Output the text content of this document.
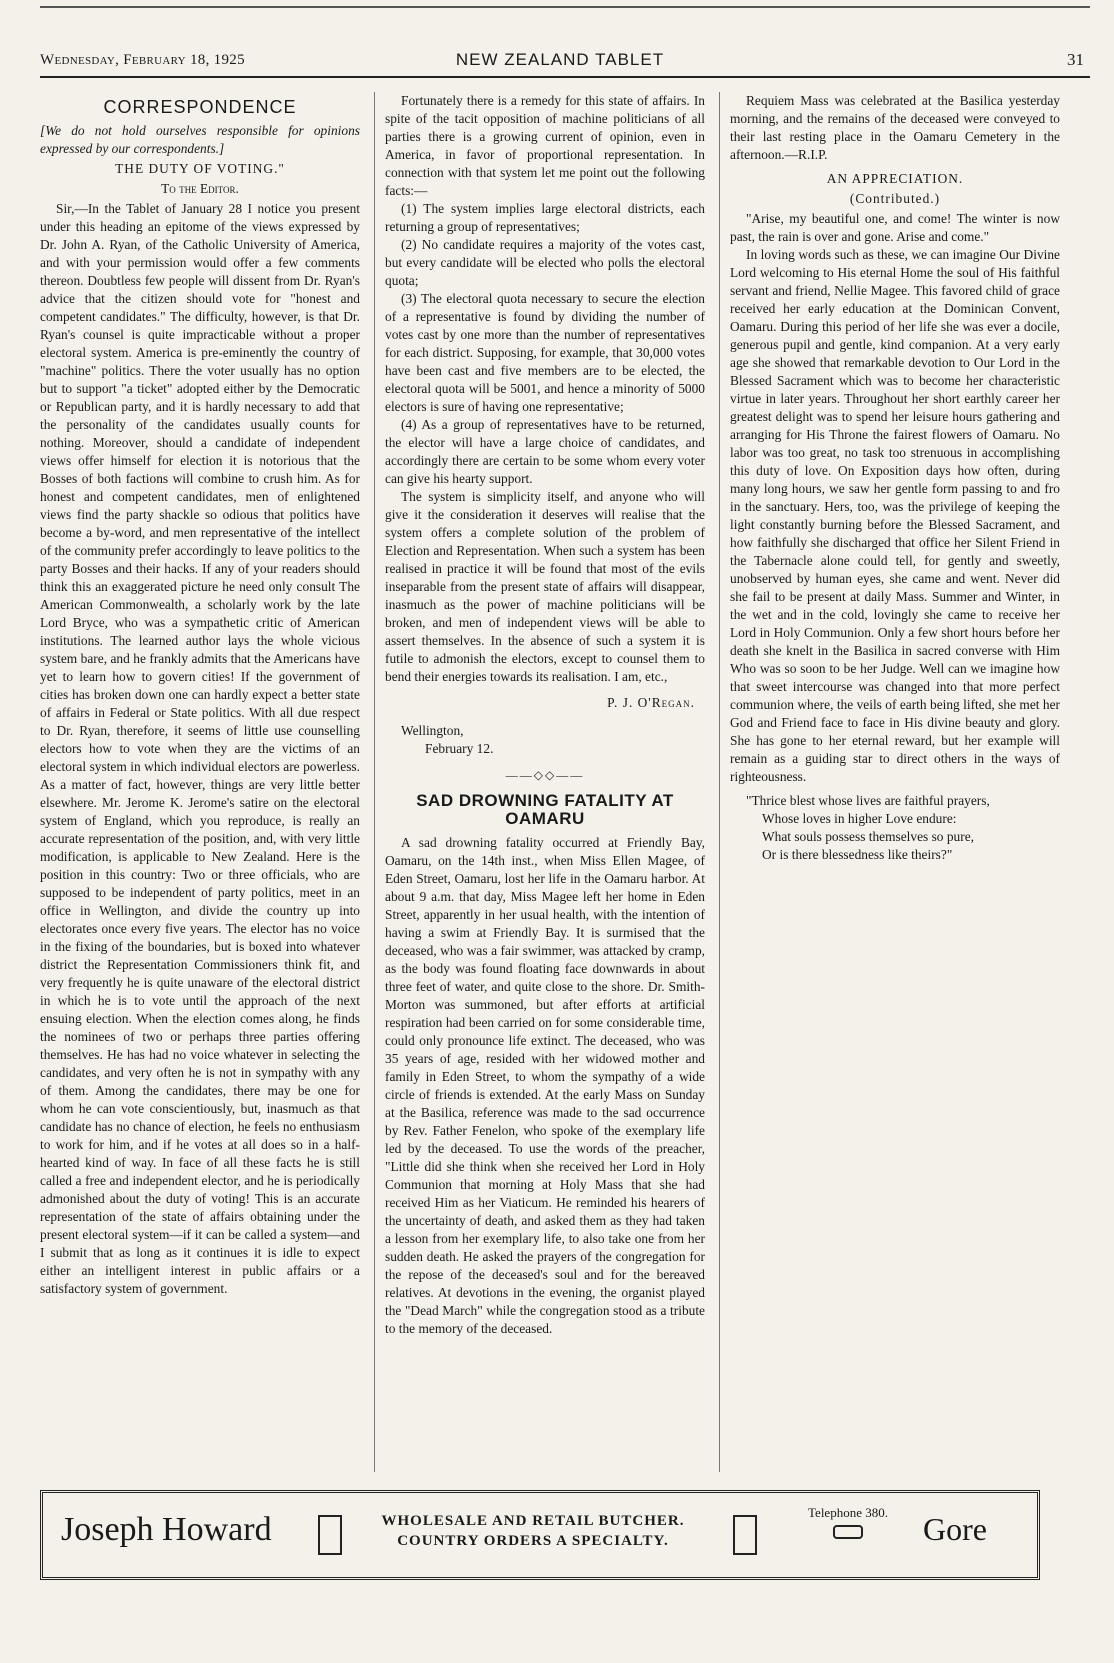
Wednesday, February 18, 1925	NEW ZEALAND TABLET	31
CORRESPONDENCE

[We do not hold ourselves responsible for opinions expressed by our correspondents.]

THE DUTY OF VOTING."

To the Editor.

Sir,—In the Tablet of January 28 I notice you present under this heading an epitome of the views expressed by Dr. John A. Ryan, of the Catholic University of America, and with your permission would offer a few comments thereon. Doubtless few people will dissent from Dr. Ryan's advice that the citizen should vote for "honest and competent candidates." The difficulty, however, is that Dr. Ryan's counsel is quite impracticable without a proper electoral system. America is pre-eminently the country of "machine" politics. There the voter usually has no option but to support "a ticket" adopted either by the Democratic or Republican party, and it is hardly necessary to add that the personality of the candidates usually counts for nothing. Moreover, should a candidate of independent views offer himself for election it is notorious that the Bosses of both factions will combine to crush him. As for honest and competent candidates, men of enlightened views find the party shackle so odious that politics have become a by-word, and men representative of the intellect of the community prefer accordingly to leave politics to the party Bosses and their hacks. If any of your readers should think this an exaggerated picture he need only consult The American Commonwealth, a scholarly work by the late Lord Bryce, who was a sympathetic critic of American institutions. The learned author lays the whole vicious system bare, and he frankly admits that the Americans have yet to learn how to govern cities! If the government of cities has broken down one can hardly expect a better state of affairs in Federal or State politics. With all due respect to Dr. Ryan, therefore, it seems of little use counselling electors how to vote when they are the victims of an electoral system in which individual electors are powerless. As a matter of fact, however, things are very little better elsewhere. Mr. Jerome K. Jerome's satire on the electoral system of England, which you reproduce, is really an accurate representation of the position, and, with very little modification, is applicable to New Zealand. Here is the position in this country: Two or three officials, who are supposed to be independent of party politics, meet in an office in Wellington, and divide the country up into electorates once every five years. The elector has no voice in the fixing of the boundaries, but is boxed into whatever district the Representation Commissioners think fit, and very frequently he is quite unaware of the electoral district in which he is to vote until the approach of the next ensuing election. When the election comes along, he finds the nominees of two or perhaps three parties offering themselves. He has had no voice whatever in selecting the candidates, and very often he is not in sympathy with any of them. Among the candidates, there may be one for whom he can vote conscientiously, but, inasmuch as that candidate has no chance of election, he feels no enthusiasm to work for him, and if he votes at all does so in a half-hearted kind of way. In face of all these facts he is still called a free and independent elector, and he is periodically admonished about the duty of voting! This is an accurate representation of the state of affairs obtaining under the present electoral system—if it can be called a system—and I submit that as long as it continues it is idle to expect either an intelligent interest in public affairs or a satisfactory system of government.

Fortunately there is a remedy for this state of affairs. In spite of the tacit opposition of machine politicians of all parties there is a growing current of opinion, even in America, in favor of proportional representation. In connection with that system let me point out the following facts:—

(1) The system implies large electoral districts, each returning a group of representatives;

(2) No candidate requires a majority of the votes cast, but every candidate will be elected who polls the electoral quota;

(3) The electoral quota necessary to secure the election of a representative is found by dividing the number of votes cast by one more than the number of representatives for each district. Supposing, for example, that 30,000 votes have been cast and five members are to be elected, the electoral quota will be 5001, and hence a minority of 5000 electors is sure of having one representative;

(4) As a group of representatives have to be returned, the elector will have a large choice of candidates, and accordingly there are certain to be some whom every voter can give his hearty support.

The system is simplicity itself, and anyone who will give it the consideration it deserves will realise that the system offers a complete solution of the problem of Election and Representation. When such a system has been realised in practice it will be found that most of the evils inseparable from the present state of affairs will disappear, inasmuch as the power of machine politicians will be broken, and men of independent views will be able to assert themselves. In the absence of such a system it is futile to admonish the electors, except to counsel them to bend their energies towards its realisation. I am, etc.,

P. J. O'Regan.

Wellington,

February 12.

——◇◇——

SAD DROWNING FATALITY AT OAMARU

A sad drowning fatality occurred at Friendly Bay, Oamaru, on the 14th inst., when Miss Ellen Magee, of Eden Street, Oamaru, lost her life in the Oamaru harbor. At about 9 a.m. that day, Miss Magee left her home in Eden Street, apparently in her usual health, with the intention of having a swim at Friendly Bay. It is surmised that the deceased, who was a fair swimmer, was attacked by cramp, as the body was found floating face downwards in about three feet of water, and quite close to the shore. Dr. Smith-Morton was summoned, but after efforts at artificial respiration had been carried on for some considerable time, could only pronounce life extinct. The deceased, who was 35 years of age, resided with her widowed mother and family in Eden Street, to whom the sympathy of a wide circle of friends is extended. At the early Mass on Sunday at the Basilica, reference was made to the sad occurrence by Rev. Father Fenelon, who spoke of the exemplary life led by the deceased. To use the words of the preacher, "Little did she think when she received her Lord in Holy Communion that morning at Holy Mass that she had received Him as her Viaticum. He reminded his hearers of the uncertainty of death, and asked them as they had taken a lesson from her exemplary life, to also take one from her sudden death. He asked the prayers of the congregation for the repose of the deceased's soul and for the bereaved relatives. At devotions in the evening, the organist played the "Dead March" while the congregation stood as a tribute to the memory of the deceased.

Requiem Mass was celebrated at the Basilica yesterday morning, and the remains of the deceased were conveyed to their last resting place in the Oamaru Cemetery in the afternoon.—R.I.P.

AN APPRECIATION.

(Contributed.)

"Arise, my beautiful one, and come! The winter is now past, the rain is over and gone. Arise and come."

In loving words such as these, we can imagine Our Divine Lord welcoming to His eternal Home the soul of His faithful servant and friend, Nellie Magee. This favored child of grace received her early education at the Dominican Convent, Oamaru. During this period of her life she was ever a docile, generous pupil and gentle, kind companion. At a very early age she showed that remarkable devotion to Our Lord in the Blessed Sacrament which was to become her characteristic virtue in later years. Throughout her short earthly career her greatest delight was to spend her leisure hours gathering and arranging for His Throne the fairest flowers of Oamaru. No labor was too great, no task too strenuous in accomplishing this duty of love. On Exposition days how often, during many long hours, we saw her gentle form passing to and fro in the sanctuary. Hers, too, was the privilege of keeping the light constantly burning before the Blessed Sacrament, and how faithfully she discharged that office her Silent Friend in the Tabernacle alone could tell, for gently and sweetly, unobserved by human eyes, she came and went. Never did she fail to be present at daily Mass. Summer and Winter, in the wet and in the cold, lovingly she came to receive her Lord in Holy Communion. Only a few short hours before her death she knelt in the Basilica in sacred converse with Him Who was so soon to be her Judge. Well can we imagine how that sweet intercourse was changed into that more perfect communion where, the veils of earth being lifted, she met her God and Friend face to face in His divine beauty and glory. She has gone to her eternal reward, but her example will remain as a guiding star to direct others in the ways of righteousness.

"Thrice blest whose lives are faithful prayers,

Whose loves in higher Love endure:

What souls possess themselves so pure,

Or is there blessedness like theirs?"

Joseph Howard	WHOLESALE AND RETAIL BUTCHER.
COUNTRY ORDERS A SPECIALTY.
Telephone 380.	Gore
